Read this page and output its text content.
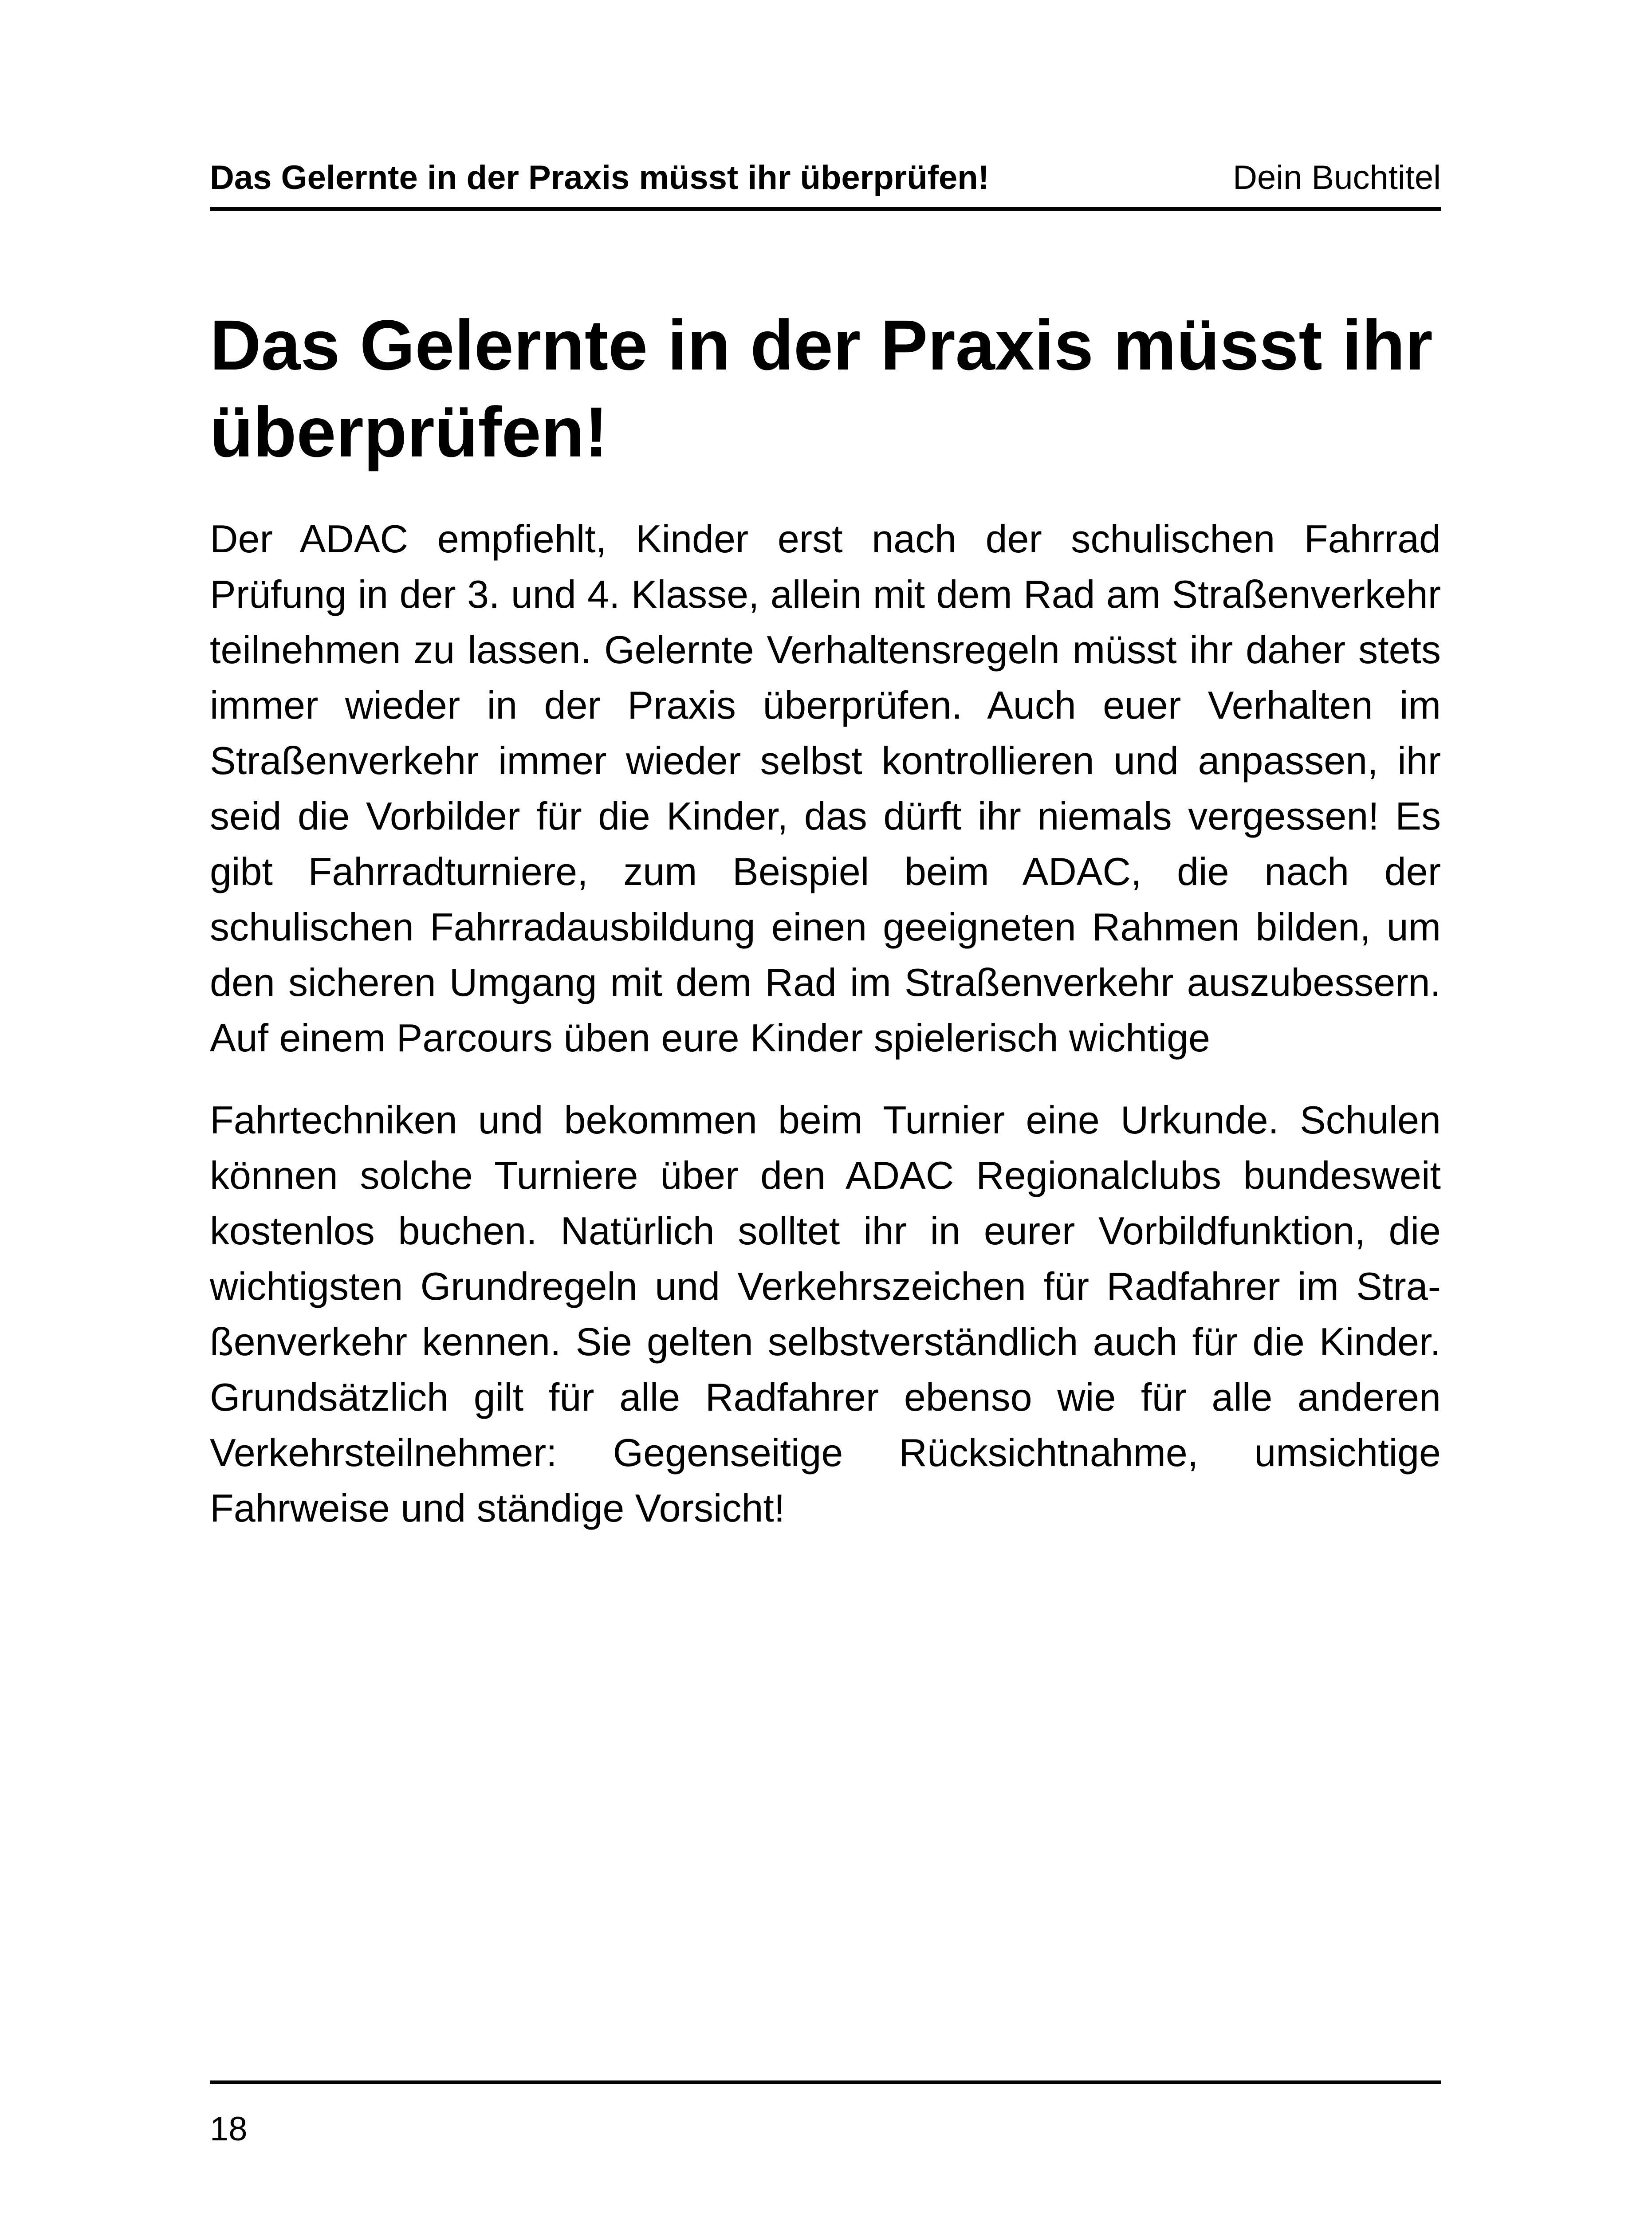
Das Gelernte in der Praxis müsst ihr überprüfen!	Dein Buchtitel
Das Gelernte in der Praxis müsst ihr überprüfen!

Der ADAC empfiehlt, Kinder erst nach der schulischen Fahrrad Prüfung in der 3. und 4. Klasse, allein mit dem Rad am Straßenverkehr teilnehmen zu lassen. Gelernte Verhaltensregeln müsst ihr daher stets immer wieder in der Praxis überprüfen. Auch euer Verhalten im Straßenverkehr immer wieder selbst kontrollieren und anpassen, ihr seid die Vorbilder für die Kinder, das dürft ihr niemals vergessen! Es gibt Fahrradturniere, zum Beispiel beim ADAC, die nach der schulischen Fahrradausbildung einen geeigneten Rahmen bilden, um den sicheren Umgang mit dem Rad im Straßenverkehr auszubessern. Auf einem Parcours üben eure Kinder spielerisch wichtige

Fahrtechniken und bekommen beim Turnier eine Urkunde. Schulen können solche Turniere über den ADAC Regionalclubs bundesweit kostenlos buchen. Natürlich solltet ihr in eurer Vorbildfunktion, die wichtigsten Grundregeln und Verkehrszeichen für Radfahrer im Straßenverkehr kennen. Sie gelten selbstverständlich auch für die Kinder. Grundsätzlich gilt für alle Radfahrer ebenso wie für alle anderen Verkehrsteilnehmer: Gegenseitige Rücksichtnahme, umsichtige Fahrweise und ständige Vorsicht!

18
